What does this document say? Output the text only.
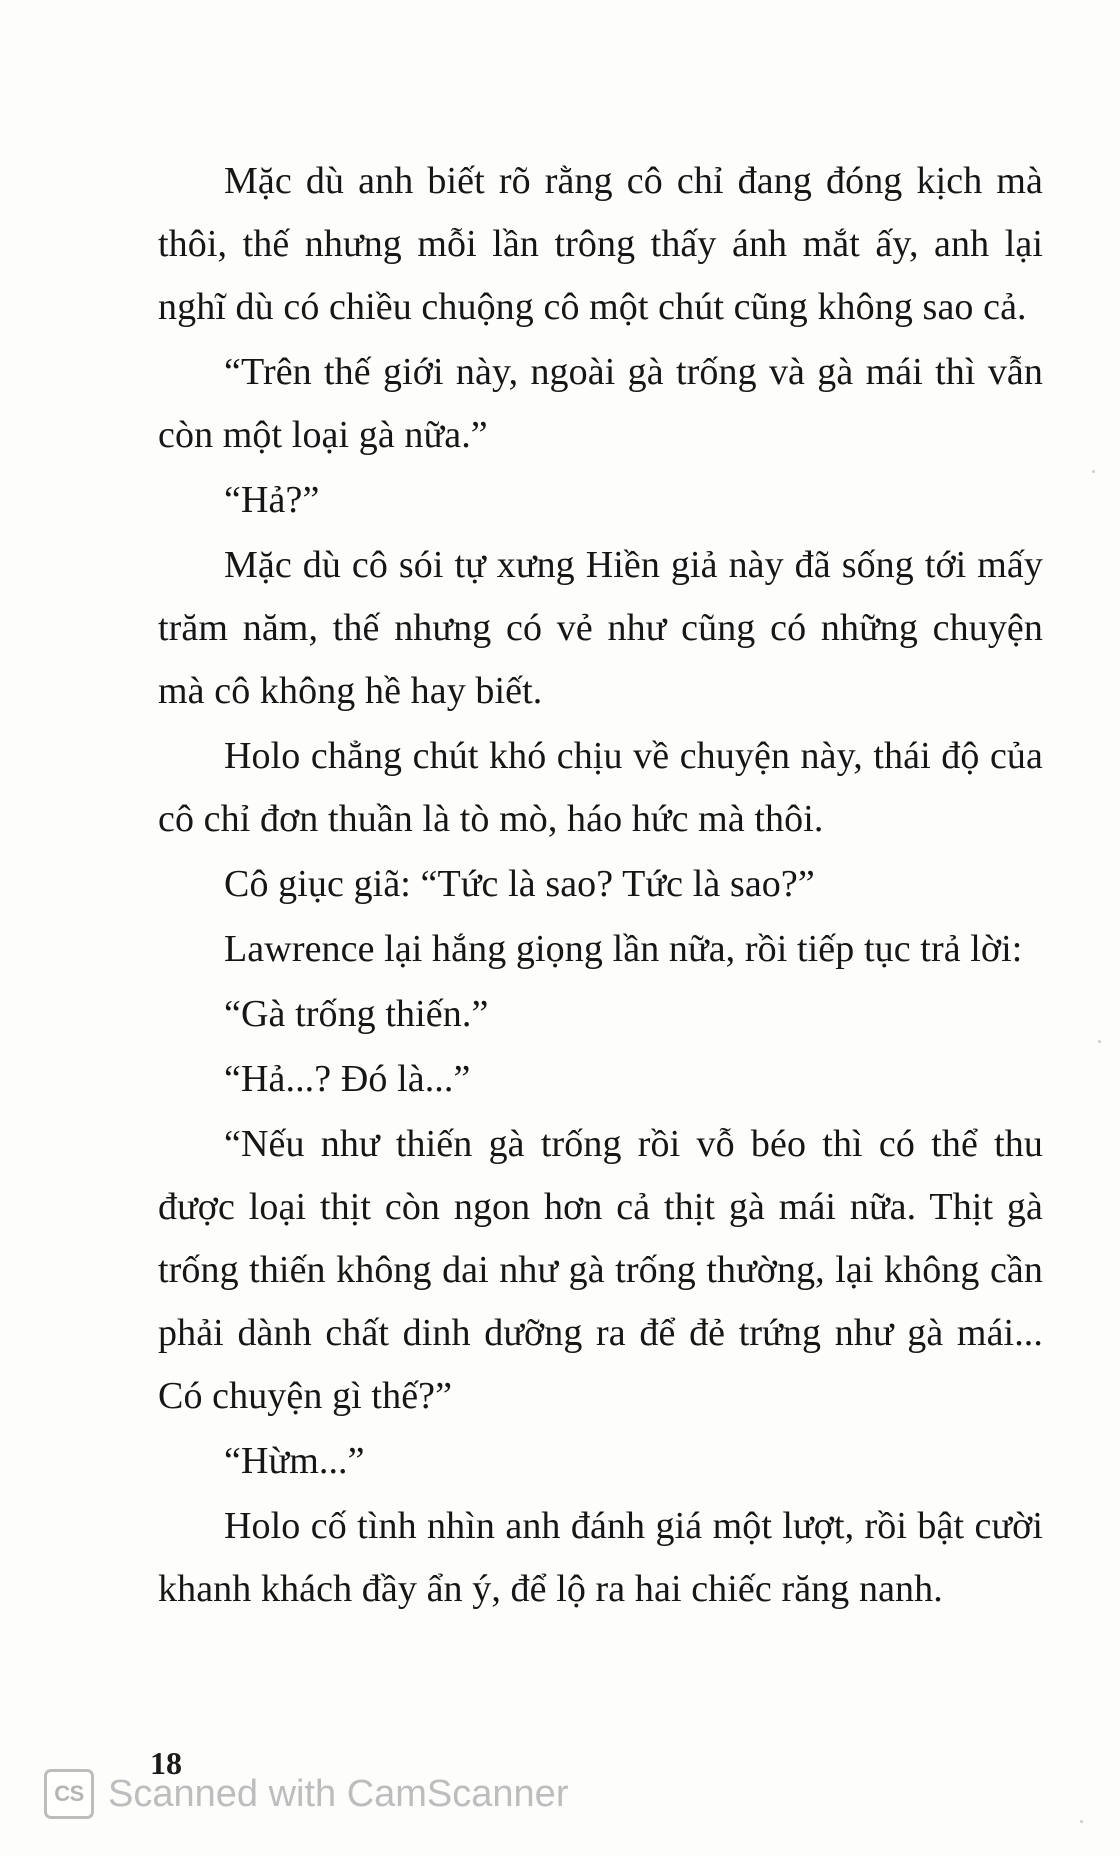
Mặc dù anh biết rõ rằng cô chỉ đang đóng kịch mà thôi, thế nhưng mỗi lần trông thấy ánh mắt ấy, anh lại nghĩ dù có chiều chuộng cô một chút cũng không sao cả.

“Trên thế giới này, ngoài gà trống và gà mái thì vẫn còn một loại gà nữa.”

“Hả?”

Mặc dù cô sói tự xưng Hiền giả này đã sống tới mấy trăm năm, thế nhưng có vẻ như cũng có những chuyện mà cô không hề hay biết.

Holo chẳng chút khó chịu về chuyện này, thái độ của cô chỉ đơn thuần là tò mò, háo hức mà thôi.

Cô giục giã: “Tức là sao? Tức là sao?”

Lawrence lại hắng giọng lần nữa, rồi tiếp tục trả lời:

“Gà trống thiến.”

“Hả...? Đó là...”

“Nếu như thiến gà trống rồi vỗ béo thì có thể thu được loại thịt còn ngon hơn cả thịt gà mái nữa. Thịt gà trống thiến không dai như gà trống thường, lại không cần phải dành chất dinh dưỡng ra để đẻ trứng như gà mái... Có chuyện gì thế?”

“Hừm...”

Holo cố tình nhìn anh đánh giá một lượt, rồi bật cười khanh khách đầy ẩn ý, để lộ ra hai chiếc răng nanh.

18
CS Scanned with CamScanner
